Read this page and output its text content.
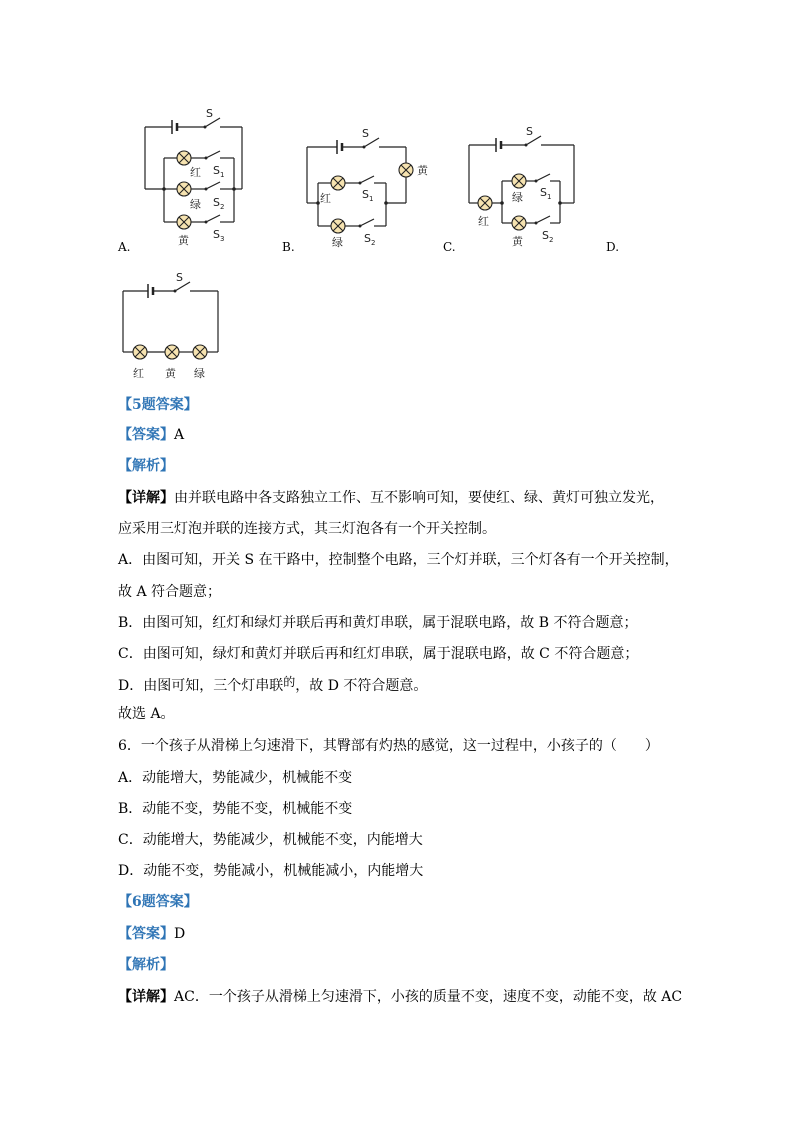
S
红 S 1
绿 S 2
黄 S 3
A.
S
黄
红	S 1
绿 S 2
B.
S
红
绿 S 1
黄 S 2
C.	D.
S
红 黄 绿
【5题答案】
【答案】A
【解析】
【详解】由并联电路中各支路独立工作、互不影响可知，要使红、绿、黄灯可独立发光，
应采用三灯泡并联的连接方式，其三灯泡各有一个开关控制。
A．由图可知，开关 S 在干路中，控制整个电路，三个灯并联，三个灯各有一个开关控制，
故 A 符合题意；
B．由图可知，红灯和绿灯并联后再和黄灯串联，属于混联电路，故 B 不符合题意；
C．由图可知，绿灯和黄灯并联后再和红灯串联，属于混联电路，故 C 不符合题意；
D．由图可知，三个灯串联的，故 D 不符合题意。
故选 A。
6．一个孩子从滑梯上匀速滑下，其臀部有灼热的感觉，这一过程中，小孩子的（　　）
A．动能增大，势能减少，机械能不变
B．动能不变，势能不变，机械能不变
C．动能增大，势能减少，机械能不变，内能增大
D．动能不变，势能减小，机械能减小，内能增大
【6题答案】
【答案】D
【解析】
【详解】AC．一个孩子从滑梯上匀速滑下，小孩的质量不变，速度不变，动能不变，故 AC
